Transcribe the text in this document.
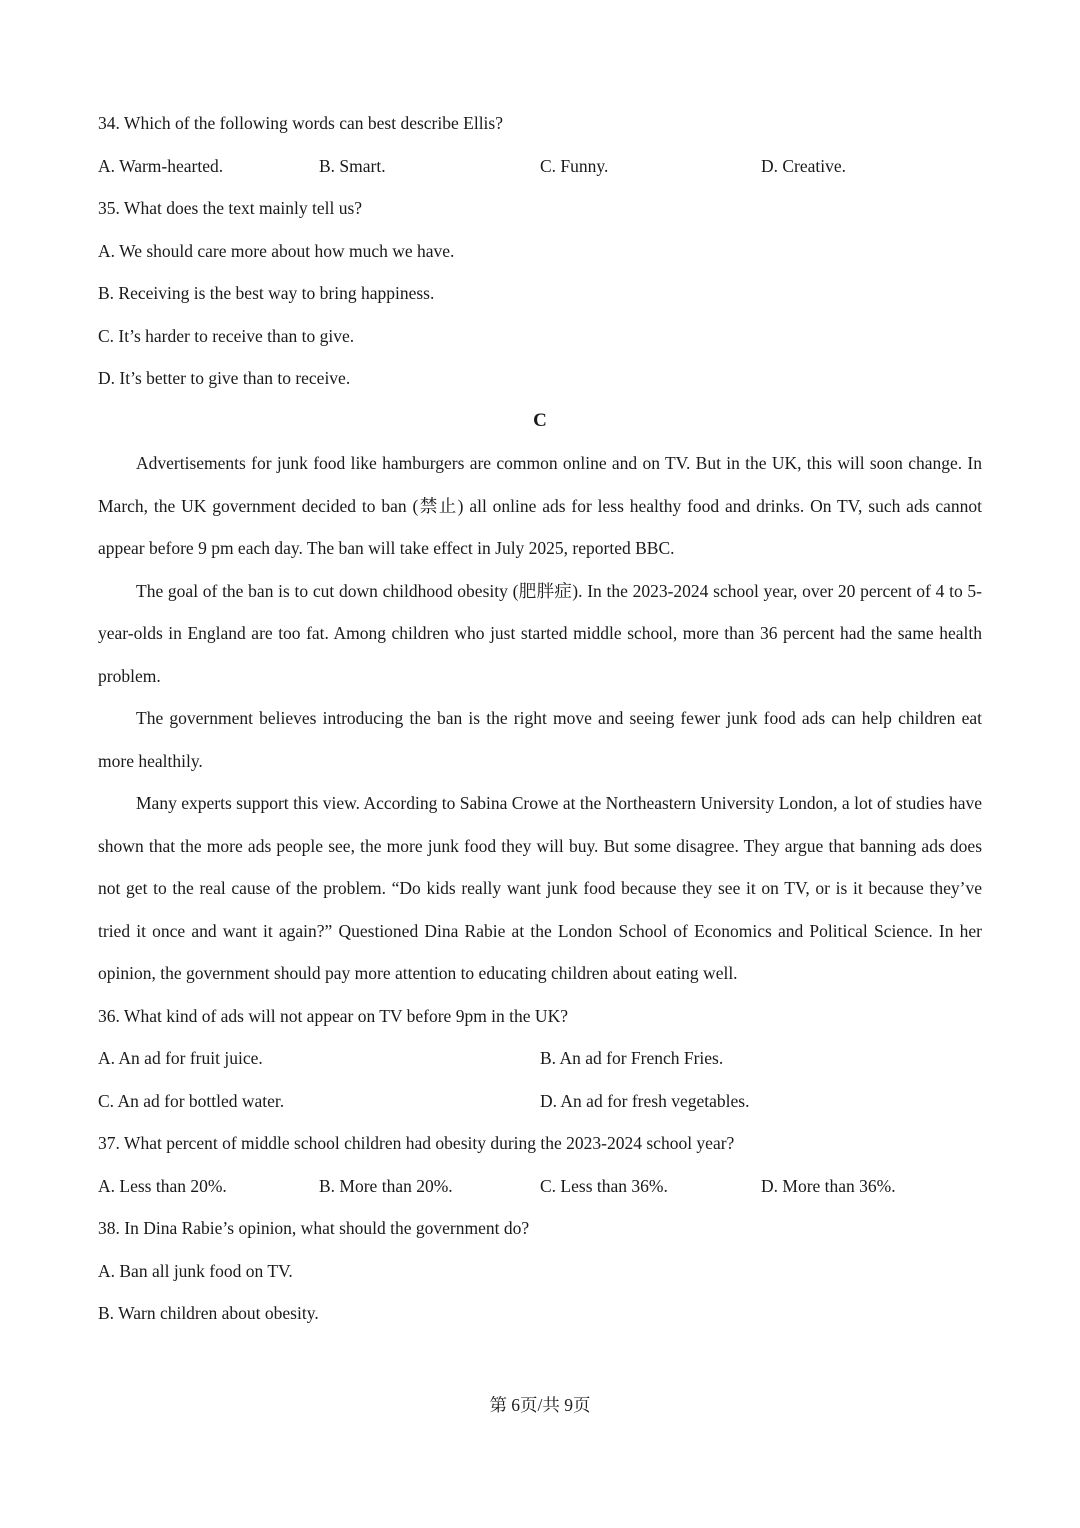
34. Which of the following words can best describe Ellis?
A. Warm-hearted.	B. Smart.	C. Funny.	D. Creative.
35. What does the text mainly tell us?
A. We should care more about how much we have.
B. Receiving is the best way to bring happiness.
C. It’s harder to receive than to give.
D. It’s better to give than to receive.
C

Advertisements for junk food like hamburgers are common online and on TV. But in the UK, this will soon change. In March, the UK government decided to ban (禁止) all online ads for less healthy food and drinks. On TV, such ads cannot appear before 9 pm each day. The ban will take effect in July 2025, reported BBC.

The goal of the ban is to cut down childhood obesity (肥胖症). In the 2023-2024 school year, over 20 percent of 4 to 5-year-olds in England are too fat. Among children who just started middle school, more than 36 percent had the same health problem.

The government believes introducing the ban is the right move and seeing fewer junk food ads can help children eat more healthily.

Many experts support this view. According to Sabina Crowe at the Northeastern University London, a lot of studies have shown that the more ads people see, the more junk food they will buy. But some disagree. They argue that banning ads does not get to the real cause of the problem. “Do kids really want junk food because they see it on TV, or is it because they’ve tried it once and want it again?” Questioned Dina Rabie at the London School of Economics and Political Science. In her opinion, the government should pay more attention to educating children about eating well.

36. What kind of ads will not appear on TV before 9pm in the UK?
A. An ad for fruit juice.	B. An ad for French Fries.
C. An ad for bottled water.	D. An ad for fresh vegetables.
37. What percent of middle school children had obesity during the 2023-2024 school year?
A. Less than 20%.	B. More than 20%.	C. Less than 36%.	D. More than 36%.
38. In Dina Rabie’s opinion, what should the government do?
A. Ban all junk food on TV.
B. Warn children about obesity.
第 6页/共 9页
